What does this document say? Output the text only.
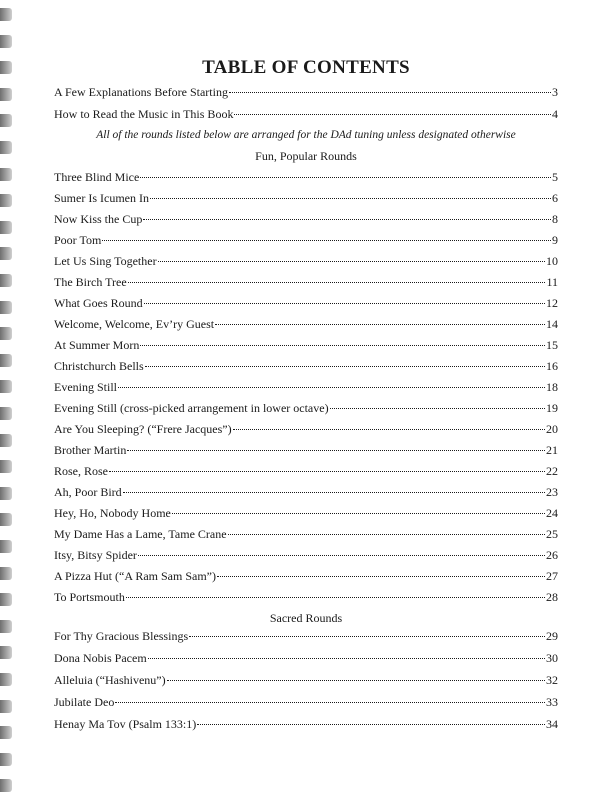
TABLE OF CONTENTS
A Few Explanations Before Starting	3
How to Read the Music in This Book	4
All of the rounds listed below are arranged for the DAd tuning unless designated otherwise
Fun, Popular Rounds
Three Blind Mice	5
Sumer Is Icumen In	6
Now Kiss the Cup	8
Poor Tom	9
Let Us Sing Together	10
The Birch Tree	11
What Goes Round	12
Welcome, Welcome, Ev’ry Guest	14
At Summer Morn	15
Christchurch Bells	16
Evening Still	18
Evening Still (cross-picked arrangement in lower octave)	19
Are You Sleeping? (“Frere Jacques”)	20
Brother Martin	21
Rose, Rose	22
Ah, Poor Bird	23
Hey, Ho, Nobody Home	24
My Dame Has a Lame, Tame Crane	25
Itsy, Bitsy Spider	26
A Pizza Hut (“A Ram Sam Sam”)	27
To Portsmouth	28
Sacred Rounds
For Thy Gracious Blessings	29
Dona Nobis Pacem	30
Alleluia (“Hashivenu”)	32
Jubilate Deo	33
Henay Ma Tov (Psalm 133:1)	34
